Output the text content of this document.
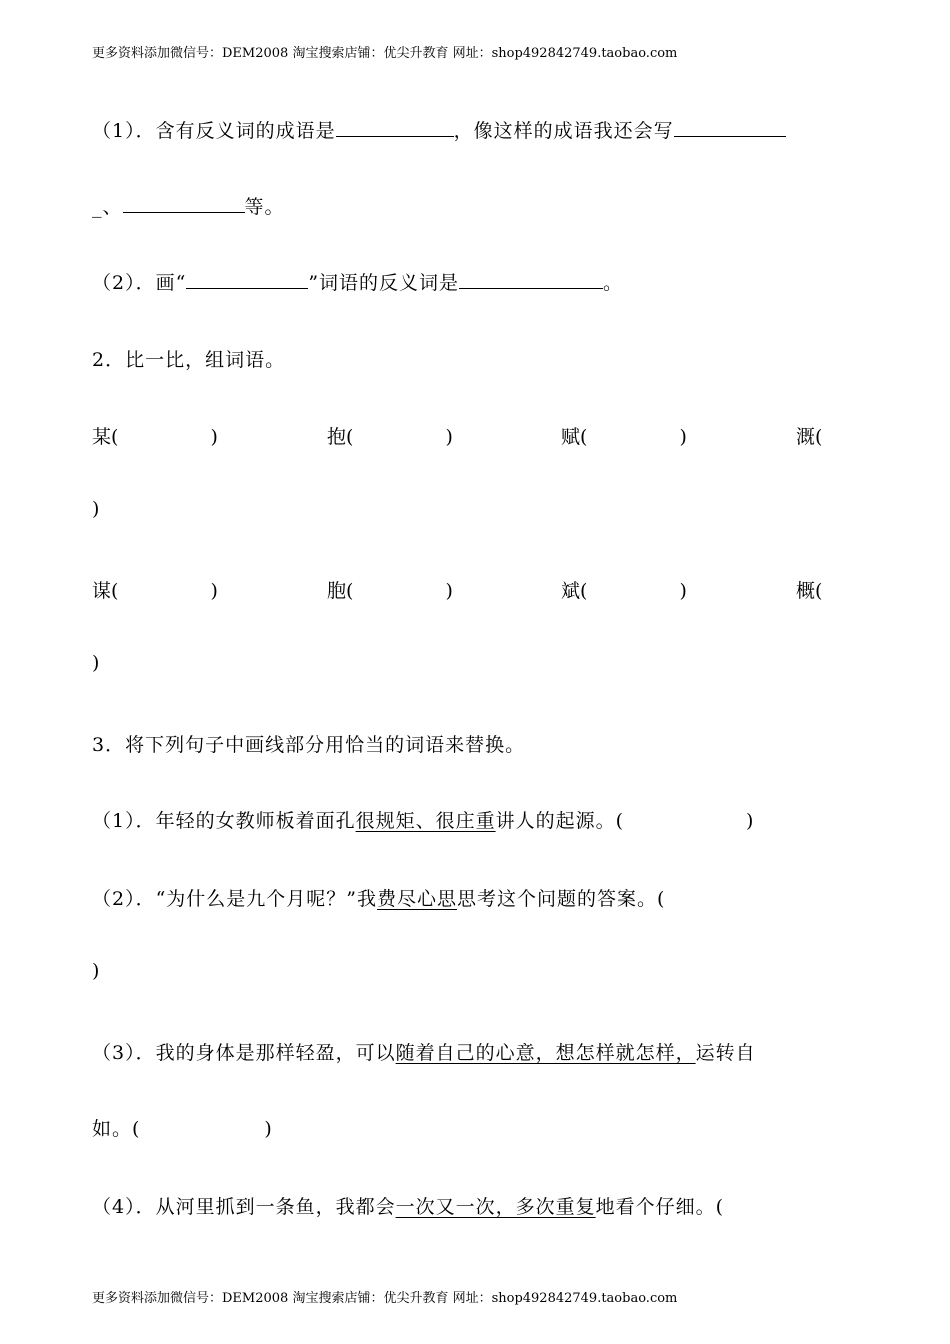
更多资料添加微信号：DEM2008 淘宝搜索店铺：优尖升教育 网址：shop492842749.taobao.com
（1）．含有反义词的成语是	，像这样的成语我还会写
_、	等。
（2）．画“	”词语的反义词是	。
2．比一比，组词语。
某(	)	抱(	)	赋(	)	溉(
)
谋(	)	胞(	)	斌(	)	概(
)
3．将下列句子中画线部分用恰当的词语来替换。
（1）．年轻的女教师板着面孔很规矩、很庄重讲人的起源。(	)
（2）．“为什么是九个月呢？”我费尽心思思考这个问题的答案。(
)
（3）．我的身体是那样轻盈，可以随着自己的心意，想怎样就怎样，运转自
如。(	)
（4）．从河里抓到一条鱼，我都会一次又一次，多次重复地看个仔细。(
更多资料添加微信号：DEM2008 淘宝搜索店铺：优尖升教育 网址：shop492842749.taobao.com
